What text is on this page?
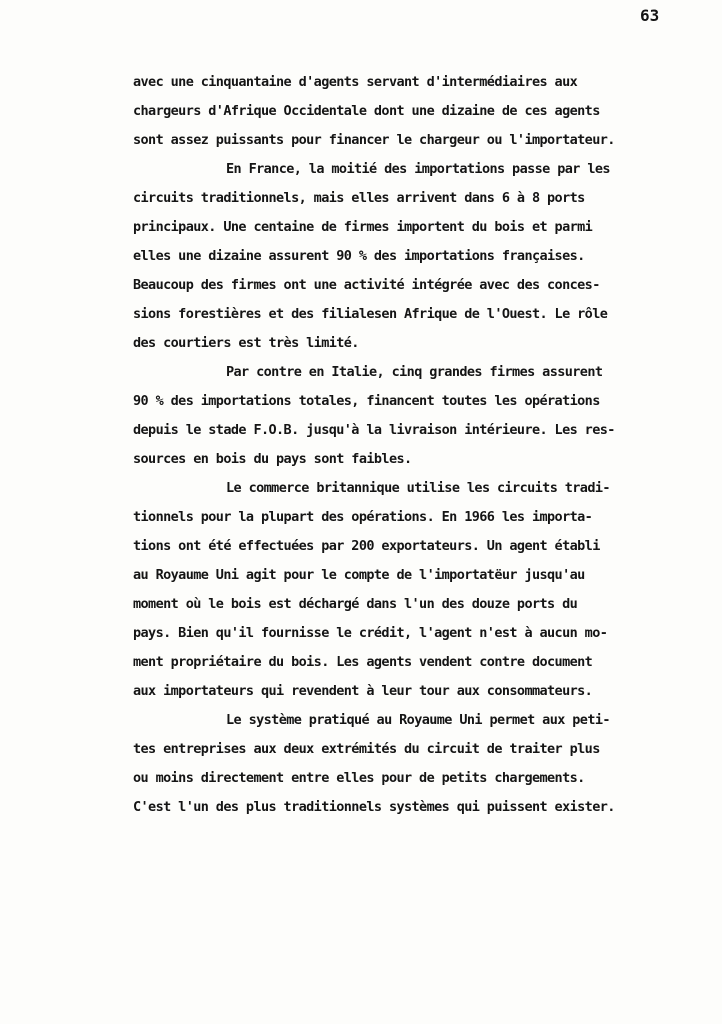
63
avec une cinquantaine d'agents servant d'intermédiaires aux
chargeurs d'Afrique Occidentale dont une dizaine de ces agents
sont assez puissants pour financer le chargeur ou l'importateur.
En France, la moitié des importations passe par les
circuits traditionnels, mais elles arrivent dans 6 à 8 ports
principaux. Une centaine de firmes importent du bois et parmi
elles une dizaine assurent 90 % des importations françaises.
Beaucoup des firmes ont une activité intégrée avec des conces-
sions forestières et des filialesen Afrique de l'Ouest. Le rôle
des courtiers est très limité.
Par contre en Italie, cinq grandes firmes assurent
90 % des importations totales, financent toutes les opérations
depuis le stade F.O.B. jusqu'à la livraison intérieure. Les res-
sources en bois du pays sont faibles.
Le commerce britannique utilise les circuits tradi-
tionnels pour la plupart des opérations. En 1966 les importa-
tions ont été effectuées par 200 exportateurs. Un agent établi
au Royaume Uni agit pour le compte de l'importatëur jusqu'au
moment où le bois est déchargé dans l'un des douze ports du
pays. Bien qu'il fournisse le crédit, l'agent n'est à aucun mo-
ment propriétaire du bois. Les agents vendent contre document
aux importateurs qui revendent à leur tour aux consommateurs.
Le système pratiqué au Royaume Uni permet aux peti-
tes entreprises aux deux extrémités du circuit de traiter plus
ou moins directement entre elles pour de petits chargements.
C'est l'un des plus traditionnels systèmes qui puissent exister.
